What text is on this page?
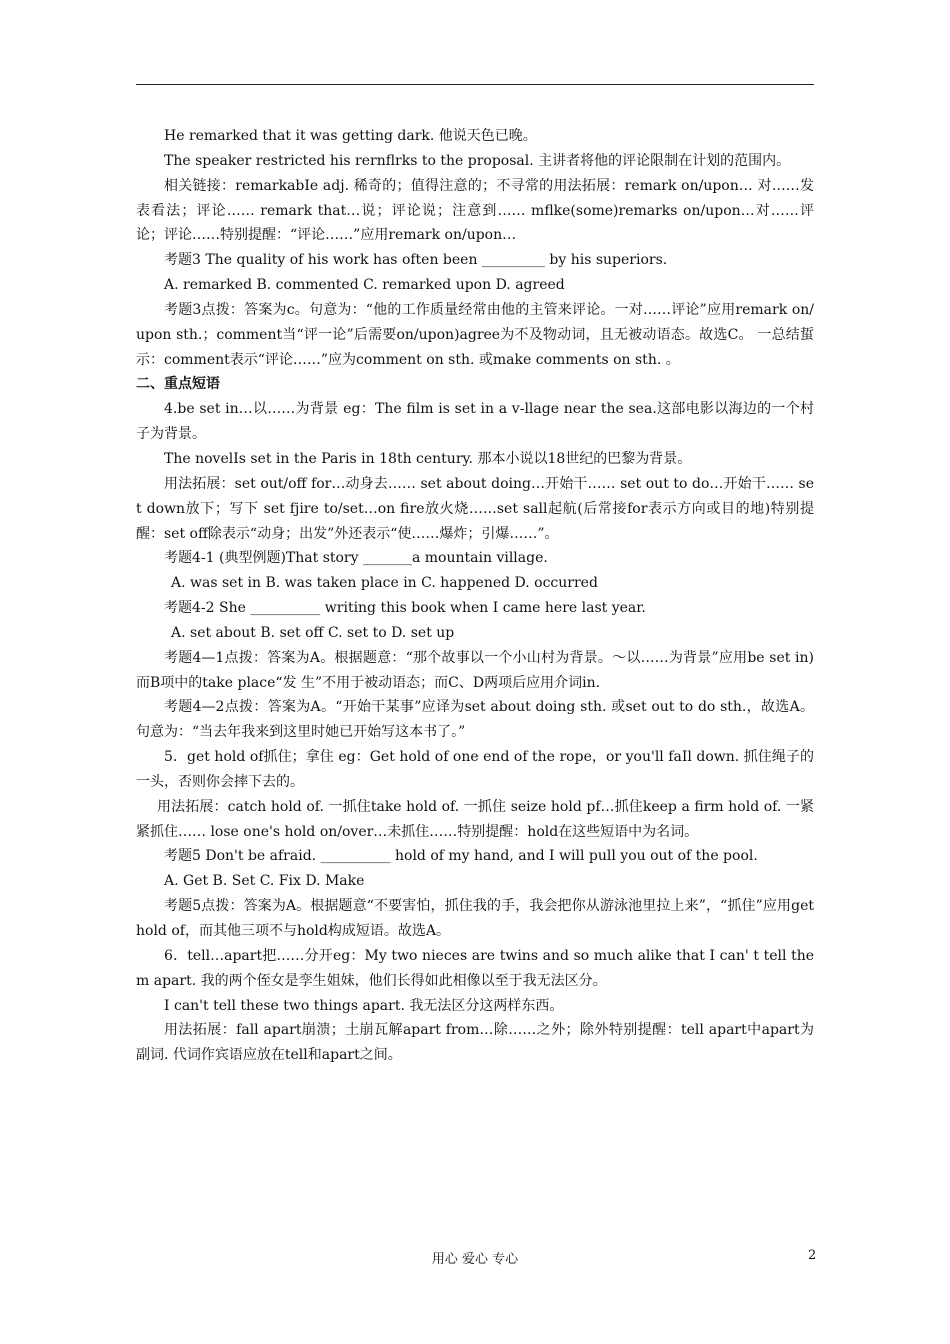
He remarked that it was getting dark. 他说天色已晚。

The speaker restricted his rernflrks to the proposal. 主讲者将他的评论限制在计划的范围内。

相关链接：remarkabIe adj. 稀奇的；值得注意的；不寻常的用法拓展：remark on/upon… 对……发表看法；评论…… remark that…说；评论说；注意到…… mflke(some)remarks on/upon…对……评论；评论……特别提醒：“评论……”应用remark on/upon…

考题3 The quality of his work has often been _________ by his superiors.

A. remarked B. commented C. remarked upon D. agreed

考题3点拨：答案为c。句意为：“他的工作质量经常由他的主管来评论。一对……评论”应用remark on/upon sth.；comment当“评一论”后需要on/upon)agree为不及物动词，且无被动语态。故选C。 一总结蜇示：comment表示“评论……”应为comment on sth. 或make comments on sth. 。

二、重点短语

4.be set in…以……为背景 eg：The film is set in a v-llage near the sea.这部电影以海边的一个村子为背景。

The novelIs set in the Paris in 18th century. 那本小说以18世纪的巴黎为背景。

用法拓展：set out/off for…动身去…… set about doing…开始干…… set out to do…开始干…… set down放下；写下 set fjire to/set…on fire放火烧……set sall起航(后常接for表示方向或目的地)特别提醒：set off除表示“动身；出发”外还表示“使……爆炸；引爆……”。

考题4-1 (典型例题)That story _______a mountain village.

A. was set in B. was taken place in C. happened D. occurred

考题4-2 She __________ writing this book when I came here last year.

A. set about B. set off C. set to D. set up

考题4—1点拨：答案为A。根据题意：“那个故事以一个小山村为背景。～以……为背景”应用be set in)而B项中的take place“发 生”不用于被动语态；而C、D两项后应用介词in.

考题4—2点拨：答案为A。“开始干某事”应译为set about doing sth. 或set out to do sth.，故选A。句意为：“当去年我来到这里时她已开始写这本书了。”

5．get hold of抓住；拿住 eg：Get hold of one end of the rope，or you'll faIl down. 抓住绳子的一头，否则你会摔下去的。

用法拓展：catch hold of. 一抓住take hold of. 一抓住 seize hold pf…抓住keep a firm hold of. 一紧紧抓住…… lose one's hold on/over…未抓住……特别提醒：hold在这些短语中为名词。

考题5 Don't be afraid. __________ hold of my hand, and I will pull you out of the pool.

A. Get B. Set C. Fix D. Make

考题5点拨：答案为A。根据题意“不要害怕，抓住我的手，我会把你从游泳池里拉上来”，“抓住”应用get hold of，而其他三项不与hold构成短语。故选A。

6．tell…apart把……分开eg：My two nieces are twins and so much alike that I can' t tell them apart. 我的两个侄女是孪生姐妹，他们长得如此相像以至于我无法区分。

I can't tell these two things apart. 我无法区分这两样东西。

用法拓展：fall apart崩溃；土崩瓦解apart from…除……之外；除外特别提醒：tell apart中apart为副词. 代词作宾语应放在tell和apart之间。

用心 爱心 专心	2
